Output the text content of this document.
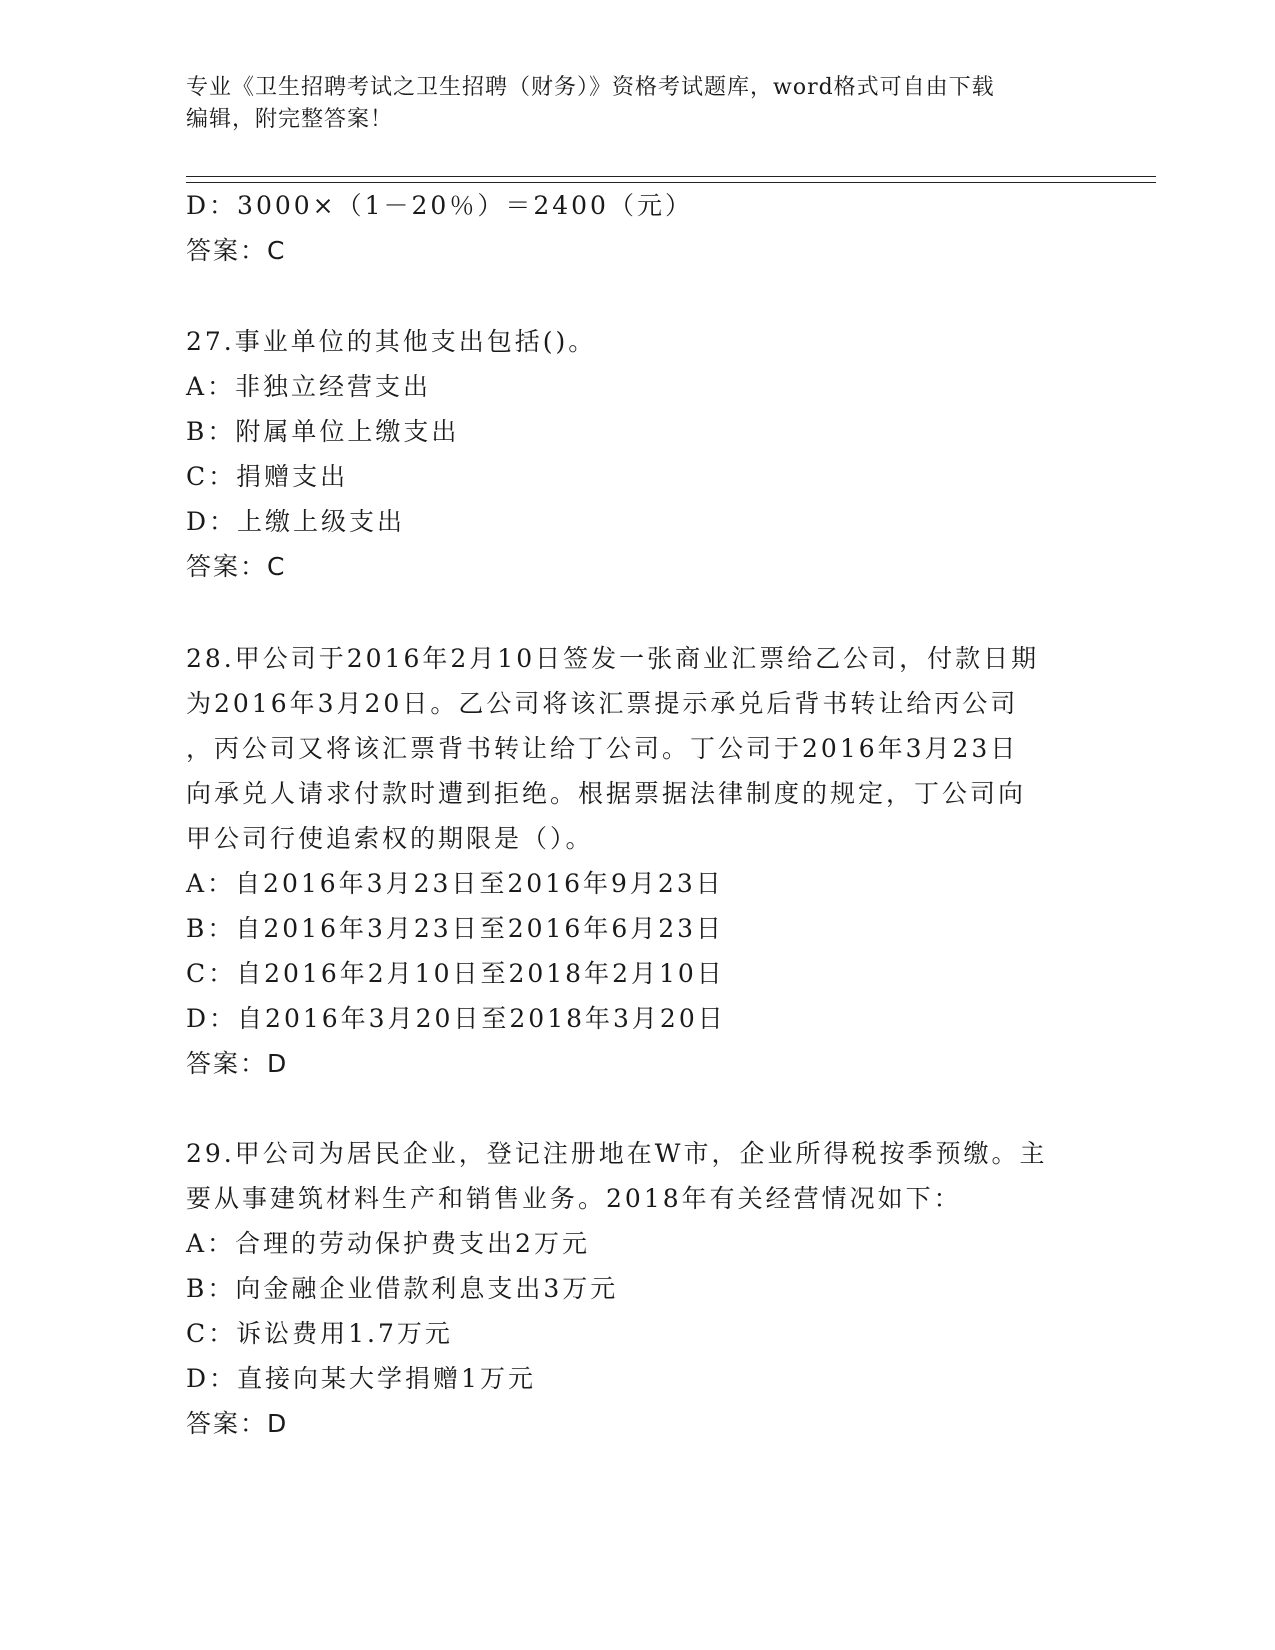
专业《卫生招聘考试之卫生招聘（财务）》资格考试题库，word格式可自由下载
编辑，附完整答案！
D：3000×（1－20％）＝2400（元）
答案：C
27.事业单位的其他支出包括()。
A：非独立经营支出
B：附属单位上缴支出
C：捐赠支出
D：上缴上级支出
答案：C
28.甲公司于2016年2月10日签发一张商业汇票给乙公司，付款日期
为2016年3月20日。乙公司将该汇票提示承兑后背书转让给丙公司
，丙公司又将该汇票背书转让给丁公司。丁公司于2016年3月23日
向承兑人请求付款时遭到拒绝。根据票据法律制度的规定，丁公司向
甲公司行使追索权的期限是（）。
A：自2016年3月23日至2016年9月23日
B：自2016年3月23日至2016年6月23日
C：自2016年2月10日至2018年2月10日
D：自2016年3月20日至2018年3月20日
答案：D
29.甲公司为居民企业，登记注册地在W市，企业所得税按季预缴。主
要从事建筑材料生产和销售业务。2018年有关经营情况如下：
A：合理的劳动保护费支出2万元
B：向金融企业借款利息支出3万元
C：诉讼费用1.7万元
D：直接向某大学捐赠1万元
答案：D
